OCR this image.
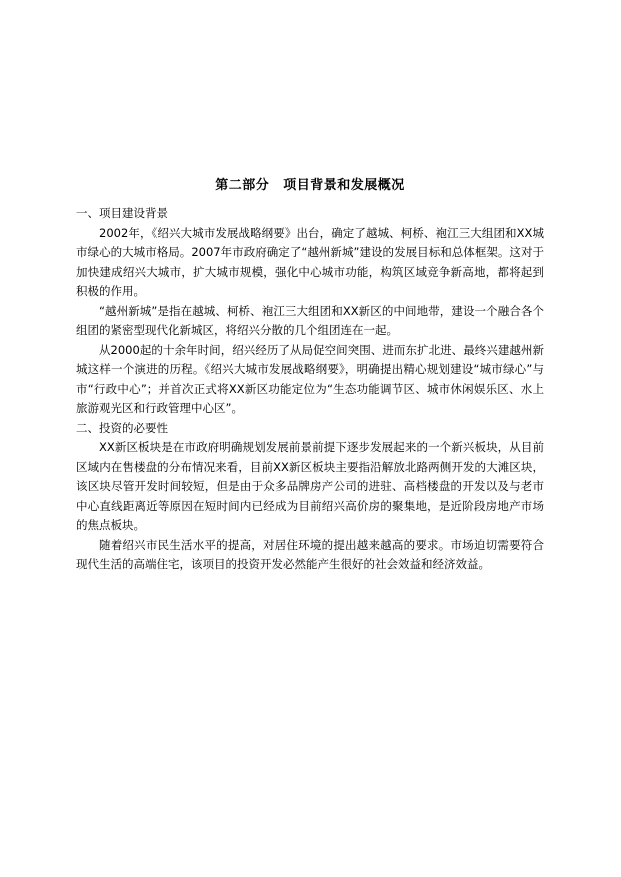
第二部分 项目背景和发展概况

一、项目建设背景

2002年，《绍兴大城市发展战略纲要》出台，确定了越城、柯桥、袍江三大组团和XX城市绿心的大城市格局。2007年市政府确定了“越州新城”建设的发展目标和总体框架。这对于加快建成绍兴大城市，扩大城市规模，强化中心城市功能，构筑区域竞争新高地，都将起到积极的作用。

“越州新城”是指在越城、柯桥、袍江三大组团和XX新区的中间地带，建设一个融合各个组团的紧密型现代化新城区，将绍兴分散的几个组团连在一起。

从2000起的十余年时间，绍兴经历了从局促空间突围、进而东扩北进、最终兴建越州新城这样一个演进的历程。《绍兴大城市发展战略纲要》，明确提出精心规划建设“城市绿心”与市“行政中心”；并首次正式将XX新区功能定位为“生态功能调节区、城市休闲娱乐区、水上旅游观光区和行政管理中心区”。

二、投资的必要性

XX新区板块是在市政府明确规划发展前景前提下逐步发展起来的一个新兴板块，从目前区域内在售楼盘的分布情况来看，目前XX新区板块主要指沿解放北路两侧开发的大滩区块，该区块尽管开发时间较短，但是由于众多品牌房产公司的进驻、高档楼盘的开发以及与老市中心直线距离近等原因在短时间内已经成为目前绍兴高价房的聚集地，是近阶段房地产市场的焦点板块。

随着绍兴市民生活水平的提高，对居住环境的提出越来越高的要求。市场迫切需要符合现代生活的高端住宅，该项目的投资开发必然能产生很好的社会效益和经济效益。
